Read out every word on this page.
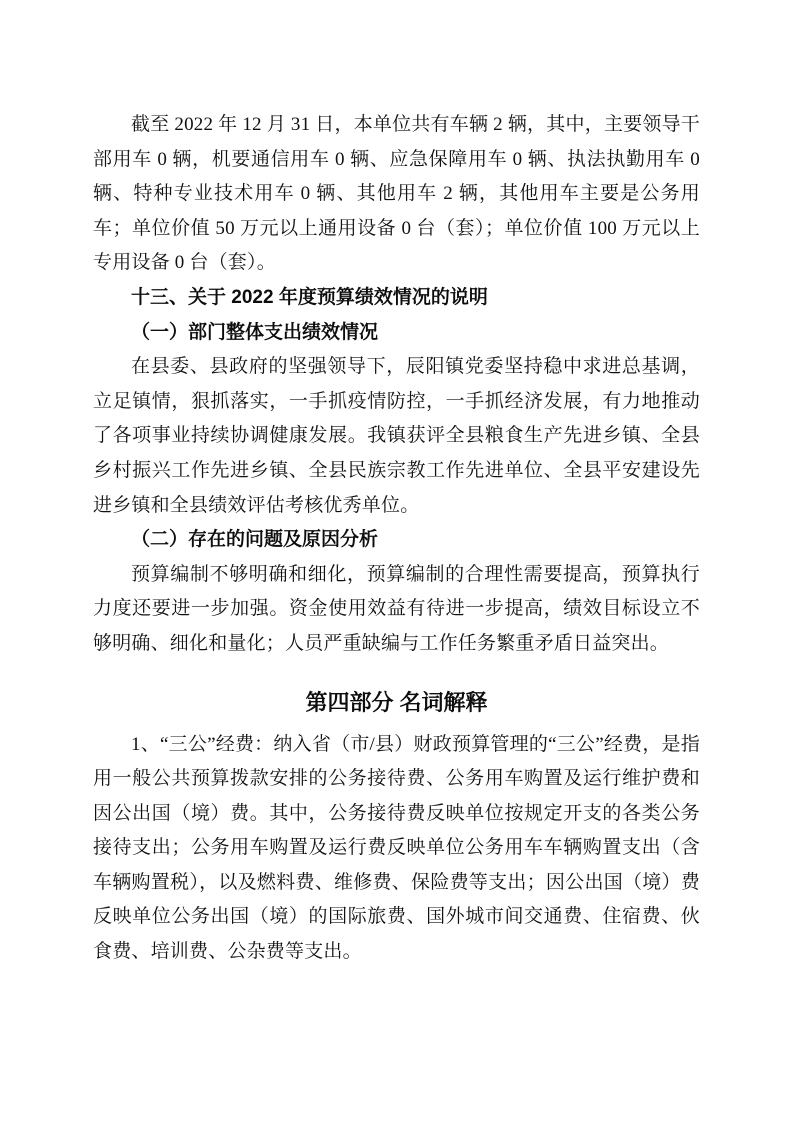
截至 2022 年 12 月 31 日，本单位共有车辆 2 辆，其中，主要领导干部用车 0 辆，机要通信用车 0 辆、应急保障用车 0 辆、执法执勤用车 0 辆、特种专业技术用车 0 辆、其他用车 2 辆，其他用车主要是公务用车；单位价值 50 万元以上通用设备 0 台（套）；单位价值 100 万元以上专用设备 0 台（套）。

十三、关于 2022 年度预算绩效情况的说明
（一）部门整体支出绩效情况

在县委、县政府的坚强领导下，辰阳镇党委坚持稳中求进总基调，立足镇情，狠抓落实，一手抓疫情防控，一手抓经济发展，有力地推动了各项事业持续协调健康发展。我镇获评全县粮食生产先进乡镇、全县乡村振兴工作先进乡镇、全县民族宗教工作先进单位、全县平安建设先进乡镇和全县绩效评估考核优秀单位。

（二）存在的问题及原因分析

预算编制不够明确和细化，预算编制的合理性需要提高，预算执行力度还要进一步加强。资金使用效益有待进一步提高，绩效目标设立不够明确、细化和量化；人员严重缺编与工作任务繁重矛盾日益突出。

第四部分 名词解释

1、“三公”经费：纳入省（市/县）财政预算管理的“三公”经费，是指用一般公共预算拨款安排的公务接待费、公务用车购置及运行维护费和因公出国（境）费。其中，公务接待费反映单位按规定开支的各类公务接待支出；公务用车购置及运行费反映单位公务用车车辆购置支出（含车辆购置税），以及燃料费、维修费、保险费等支出；因公出国（境）费反映单位公务出国（境）的国际旅费、国外城市间交通费、住宿费、伙食费、培训费、公杂费等支出。
